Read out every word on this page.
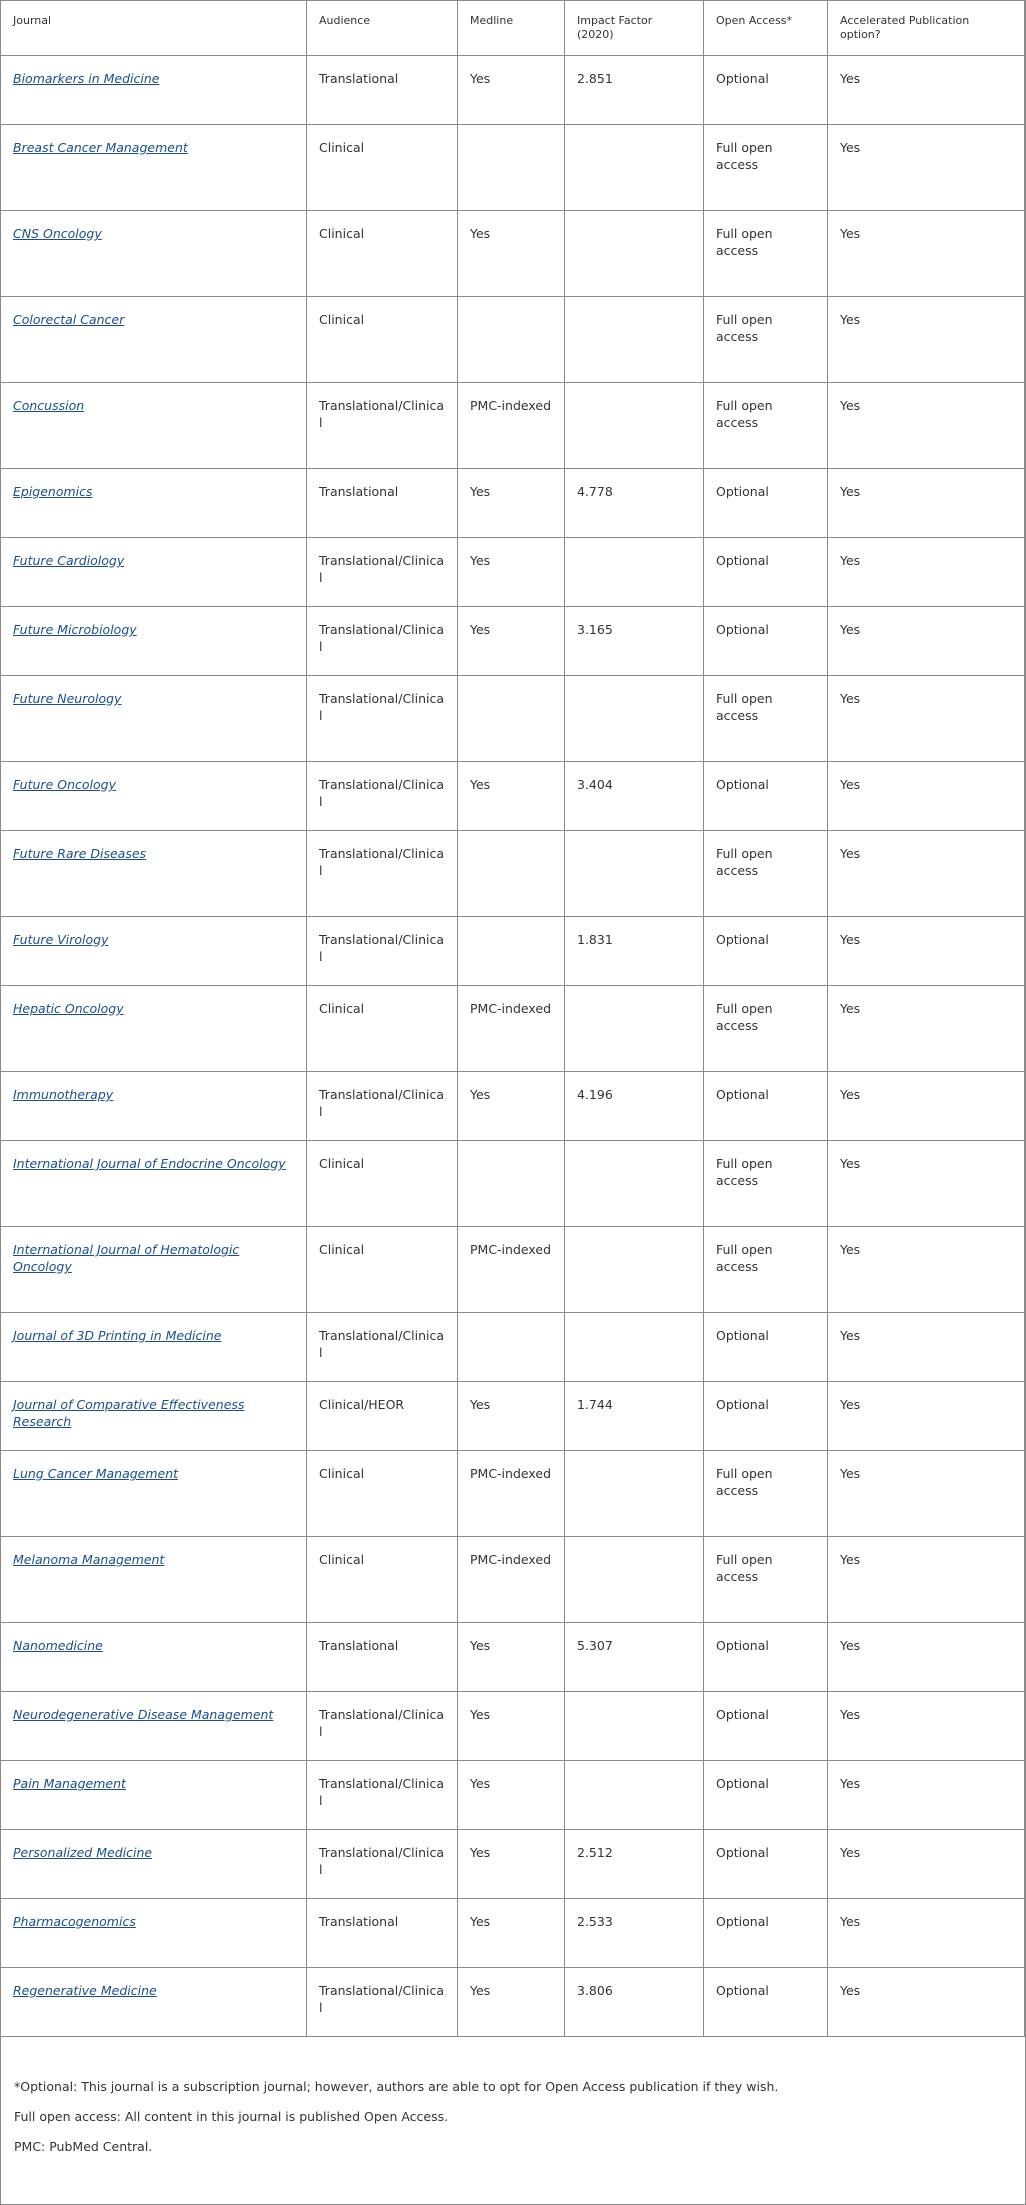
Journal	Audience	Medline	Impact Factor (2020)	Open Access*	Accelerated Publication option?
Biomarkers in Medicine	Translational	Yes	2.851	Optional	Yes
Breast Cancer Management	Clinical			Full open access	Yes
CNS Oncology	Clinical	Yes		Full open access	Yes
Colorectal Cancer	Clinical			Full open access	Yes
Concussion	Translational/Clinical	PMC-indexed		Full open access	Yes
Epigenomics	Translational	Yes	4.778	Optional	Yes
Future Cardiology	Translational/Clinical	Yes		Optional	Yes
Future Microbiology	Translational/Clinical	Yes	3.165	Optional	Yes
Future Neurology	Translational/Clinical			Full open access	Yes
Future Oncology	Translational/Clinical	Yes	3.404	Optional	Yes
Future Rare Diseases	Translational/Clinical			Full open access	Yes
Future Virology	Translational/Clinical		1.831	Optional	Yes
Hepatic Oncology	Clinical	PMC-indexed		Full open access	Yes
Immunotherapy	Translational/Clinical	Yes	4.196	Optional	Yes
International Journal of Endocrine Oncology	Clinical			Full open access	Yes
International Journal of Hematologic Oncology	Clinical	PMC-indexed		Full open access	Yes
Journal of 3D Printing in Medicine	Translational/Clinical			Optional	Yes
Journal of Comparative Effectiveness Research	Clinical/HEOR	Yes	1.744	Optional	Yes
Lung Cancer Management	Clinical	PMC-indexed		Full open access	Yes
Melanoma Management	Clinical	PMC-indexed		Full open access	Yes
Nanomedicine	Translational	Yes	5.307	Optional	Yes
Neurodegenerative Disease Management	Translational/Clinical	Yes		Optional	Yes
Pain Management	Translational/Clinical	Yes		Optional	Yes
Personalized Medicine	Translational/Clinical	Yes	2.512	Optional	Yes
Pharmacogenomics	Translational	Yes	2.533	Optional	Yes
Regenerative Medicine	Translational/Clinical	Yes	3.806	Optional	Yes

*Optional: This journal is a subscription journal; however, authors are able to opt for Open Access publication if they wish.

Full open access: All content in this journal is published Open Access.

PMC: PubMed Central.
